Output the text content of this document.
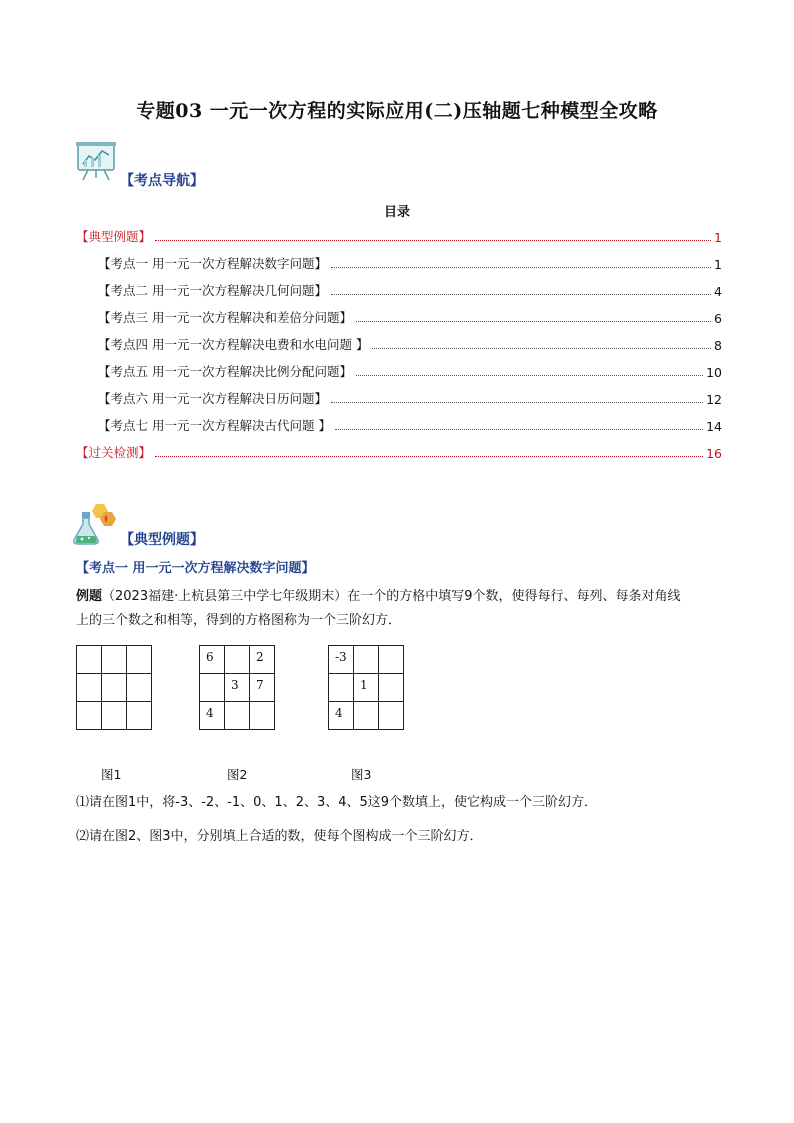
专题03 一元一次方程的实际应用(二)压轴题七种模型全攻略
【考点导航】
目录
【典型例题】	1
【考点一 用一元一次方程解决数字问题】	1
【考点二 用一元一次方程解决几何问题】	4
【考点三 用一元一次方程解决和差倍分问题】	6
【考点四 用一元一次方程解决电费和水电问题 】	8
【考点五 用一元一次方程解决比例分配问题】	10
【考点六 用一元一次方程解决日历问题】	12
【考点七 用一元一次方程解决古代问题 】	14
【过关检测】	16
【典型例题】
【考点一 用一元一次方程解决数字问题】
例题（2023福建·上杭县第三中学七年级期末）在一个的方格中填写9个数，使得每行、每列、每条对角线
上的三个数之和相等，得到的方格图称为一个三阶幻方．

6		2
	3	7
4		
-3		
	1	
4		
图1	图2	图3
⑴请在图1中，将-3、-2、-1、0、1、2、3、4、5这9个数填上，使它构成一个三阶幻方．
⑵请在图2、图3中，分别填上合适的数，使每个图构成一个三阶幻方．
